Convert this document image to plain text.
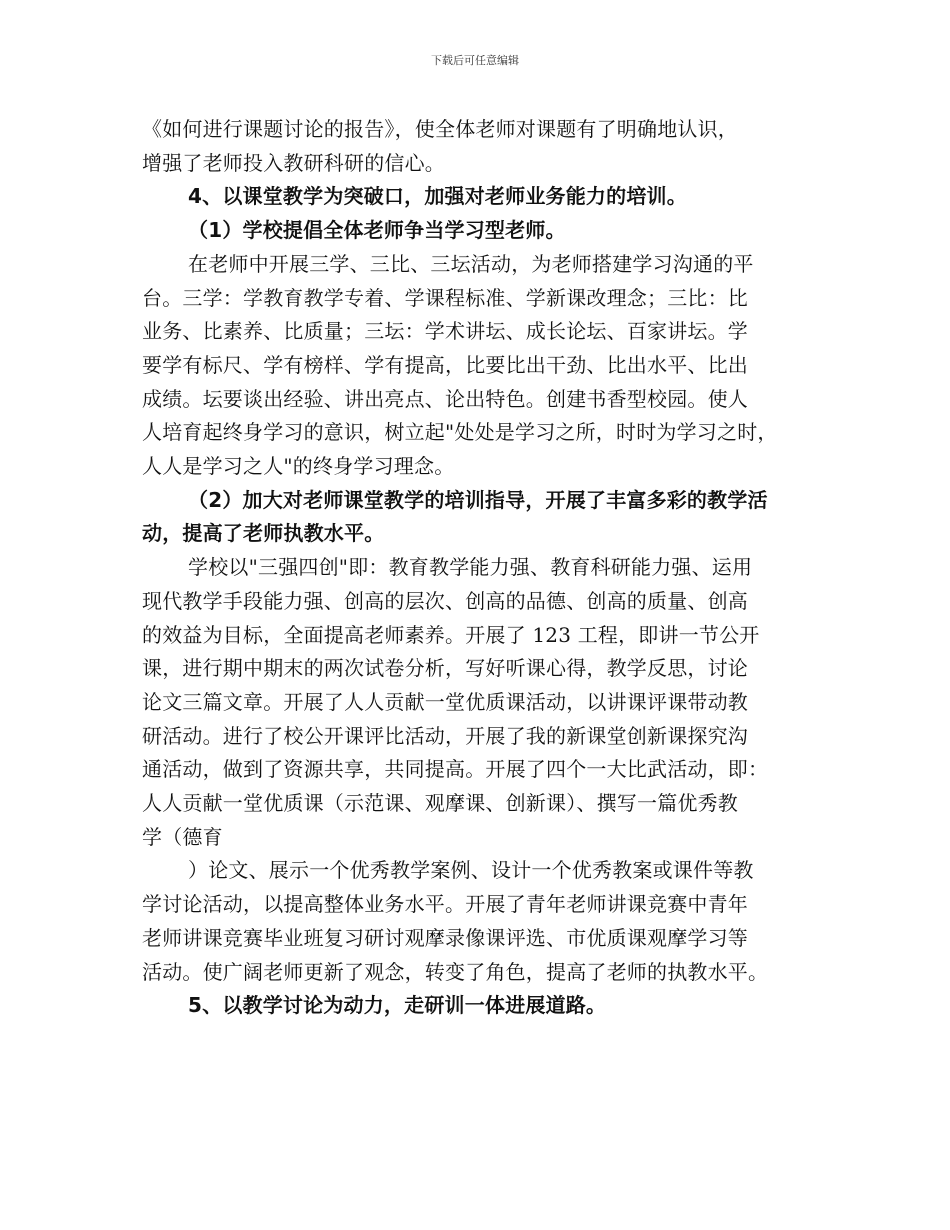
下载后可任意编辑
《如何进行课题讨论的报告》，使全体老师对课题有了明确地认识，
增强了老师投入教研科研的信心。
4、以课堂教学为突破口，加强对老师业务能力的培训。
（1）学校提倡全体老师争当学习型老师。
在老师中开展三学、三比、三坛活动，为老师搭建学习沟通的平
台。三学：学教育教学专着、学课程标准、学新课改理念；三比：比
业务、比素养、比质量；三坛：学术讲坛、成长论坛、百家讲坛。学
要学有标尺、学有榜样、学有提高，比要比出干劲、比出水平、比出
成绩。坛要谈出经验、讲出亮点、论出特色。创建书香型校园。使人
人培育起终身学习的意识，树立起"处处是学习之所，时时为学习之时，
人人是学习之人"的终身学习理念。
（2）加大对老师课堂教学的培训指导，开展了丰富多彩的教学活
动，提高了老师执教水平。
学校以"三强四创"即：教育教学能力强、教育科研能力强、运用
现代教学手段能力强、创高的层次、创高的品德、创高的质量、创高
的效益为目标，全面提高老师素养。开展了 123 工程，即讲一节公开
课，进行期中期末的两次试卷分析，写好听课心得，教学反思，讨论
论文三篇文章。开展了人人贡献一堂优质课活动，以讲课评课带动教
研活动。进行了校公开课评比活动，开展了我的新课堂创新课探究沟
通活动，做到了资源共享，共同提高。开展了四个一大比武活动，即：
人人贡献一堂优质课（示范课、观摩课、创新课）、撰写一篇优秀教
学（德育
）论文、展示一个优秀教学案例、设计一个优秀教案或课件等教
学讨论活动，以提高整体业务水平。开展了青年老师讲课竞赛中青年
老师讲课竞赛毕业班复习研讨观摩录像课评选、市优质课观摩学习等
活动。使广阔老师更新了观念，转变了角色，提高了老师的执教水平。
5、以教学讨论为动力，走研训一体进展道路。
